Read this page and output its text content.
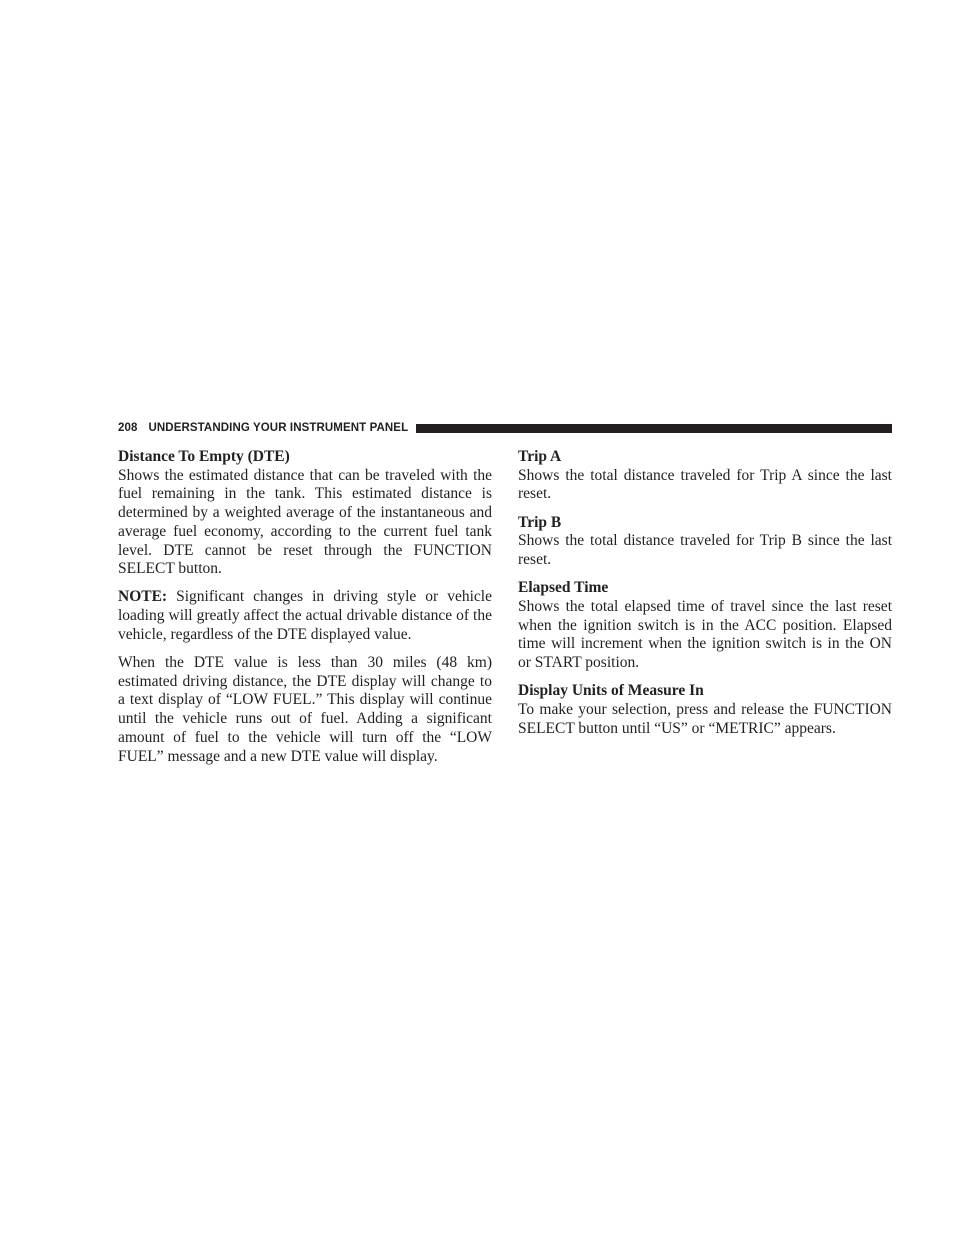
208 UNDERSTANDING YOUR INSTRUMENT PANEL

Distance To Empty (DTE)

Shows the estimated distance that can be traveled with the fuel remaining in the tank. This estimated distance is determined by a weighted average of the instantaneous and average fuel economy, according to the current fuel tank level. DTE cannot be reset through the FUNCTION SELECT button.

NOTE: Significant changes in driving style or vehicle loading will greatly affect the actual drivable distance of the vehicle, regardless of the DTE displayed value.

When the DTE value is less than 30 miles (48 km) estimated driving distance, the DTE display will change to a text display of “LOW FUEL.” This display will continue until the vehicle runs out of fuel. Adding a significant amount of fuel to the vehicle will turn off the “LOW FUEL” message and a new DTE value will display.

Trip A

Shows the total distance traveled for Trip A since the last reset.

Trip B

Shows the total distance traveled for Trip B since the last reset.

Elapsed Time

Shows the total elapsed time of travel since the last reset when the ignition switch is in the ACC position. Elapsed time will increment when the ignition switch is in the ON or START position.

Display Units of Measure In

To make your selection, press and release the FUNCTION SELECT button until “US” or “METRIC” appears.
